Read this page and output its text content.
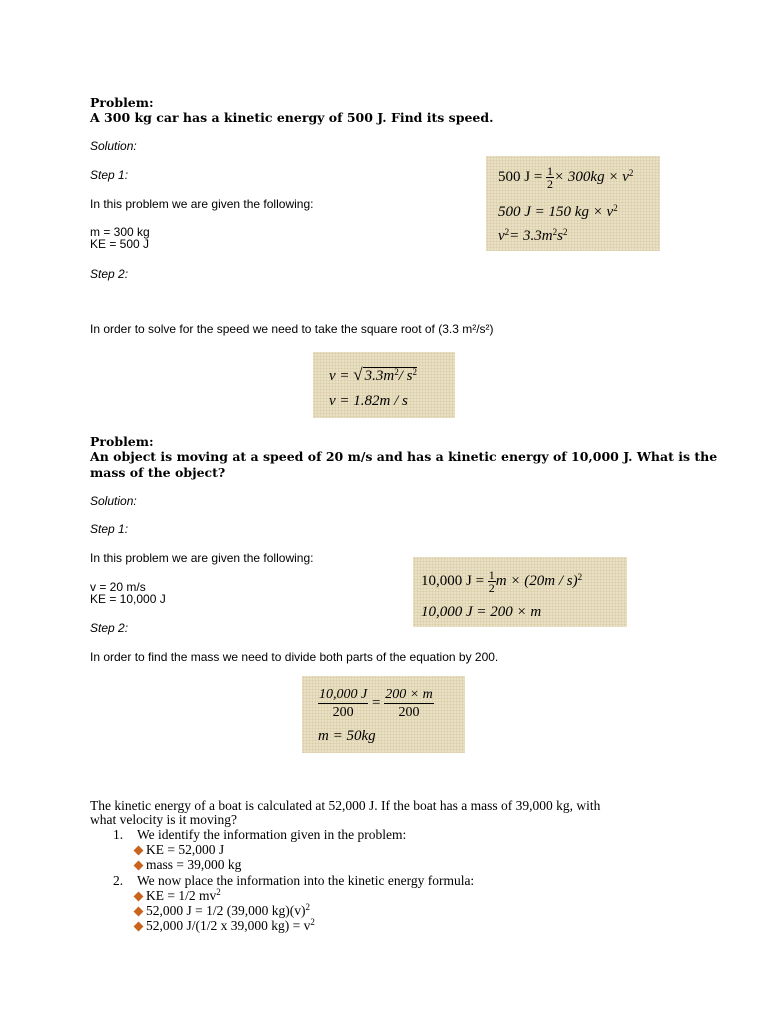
Problem:
A 300 kg car has a kinetic energy of 500 J. Find its speed.
Solution:
Step 1:
In this problem we are given the following:
m = 300 kg
KE = 500 J
Step 2:
In order to solve for the speed we need to take the square root of (3.3 m²/s²)
500 $J = \frac{1}{2} \times 300kg \times v^2$
500 J = 150 kg × $v^2$
$v^2= 3.3m^2s^2$
v = √ $3.3m^2/$ $s^2$
v = 1.82m / s
Problem:
An object is moving at a speed of 20 m/s and has a kinetic energy of 10,000 J. What is the
mass of the object?
Solution:
Step 1:
In this problem we are given the following:
v = 20 m/s
KE = 10,000 J
Step 2:
In order to find the mass we need to divide both parts of the equation by 200.
10,000 $J = \frac{1}{2}$ m × (20m / s)$^2$
10,000 J = 200 × m
$\frac{10,000 J}{200} = \frac{200 \times m}{200}$
m = 50kg
The kinetic energy of a boat is calculated at 52,000 J. If the boat has a mass of 39,000 kg, with
what velocity is it moving?
1. We identify the information given in the problem:
KE = 52,000 J
mass = 39,000 kg
2. We now place the information into the kinetic energy formula:
KE = 1/2 $mv^2$
52,000 J = 1/2 (39,000 $kg)(v)^2$
52,000 J/(1/2 x 39,000 $kg) = v^2$
